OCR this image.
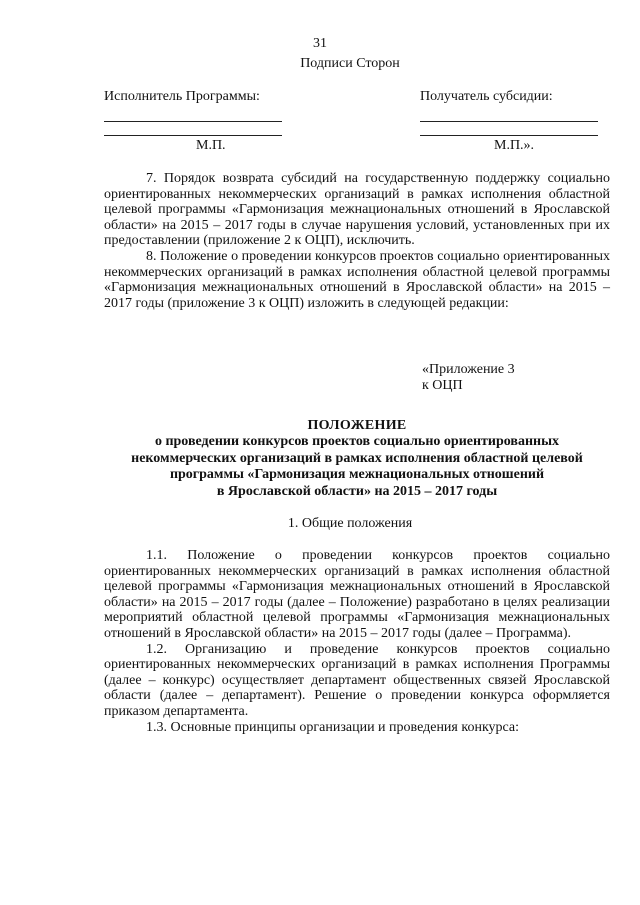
31
Подписи Сторон
Исполнитель Программы:	Получатель субсидии:
М.П.	М.П.».

7. Порядок возврата субсидий на государственную поддержку социально ориентированных некоммерческих организаций в рамках исполнения областной целевой программы «Гармонизация межнациональных отношений в Ярославской области» на 2015 – 2017 годы в случае нарушения условий, установленных при их предоставлении (приложение 2 к ОЦП), исключить.

8. Положение о проведении конкурсов проектов социально ориентированных некоммерческих организаций в рамках исполнения областной целевой программы «Гармонизация межнациональных отношений в Ярославской области» на 2015 – 2017 годы (приложение 3 к ОЦП) изложить в следующей редакции:

«Приложение 3
к ОЦП
ПОЛОЖЕНИЕ
о проведении конкурсов проектов социально ориентированных
некоммерческих организаций в рамках исполнения областной целевой
программы «Гармонизация межнациональных отношений
в Ярославской области» на 2015 – 2017 годы
1. Общие положения

1.1. Положение о проведении конкурсов проектов социально ориентированных некоммерческих организаций в рамках исполнения областной целевой программы «Гармонизация межнациональных отношений в Ярославской области» на 2015 – 2017 годы (далее – Положение) разработано в целях реализации мероприятий областной целевой программы «Гармонизация межнациональных отношений в Ярославской области» на 2015 – 2017 годы (далее – Программа).

1.2. Организацию и проведение конкурсов проектов социально ориентированных некоммерческих организаций в рамках исполнения Программы (далее – конкурс) осуществляет департамент общественных связей Ярославской области (далее – департамент). Решение о проведении конкурса оформляется приказом департамента.

1.3. Основные принципы организации и проведения конкурса:
